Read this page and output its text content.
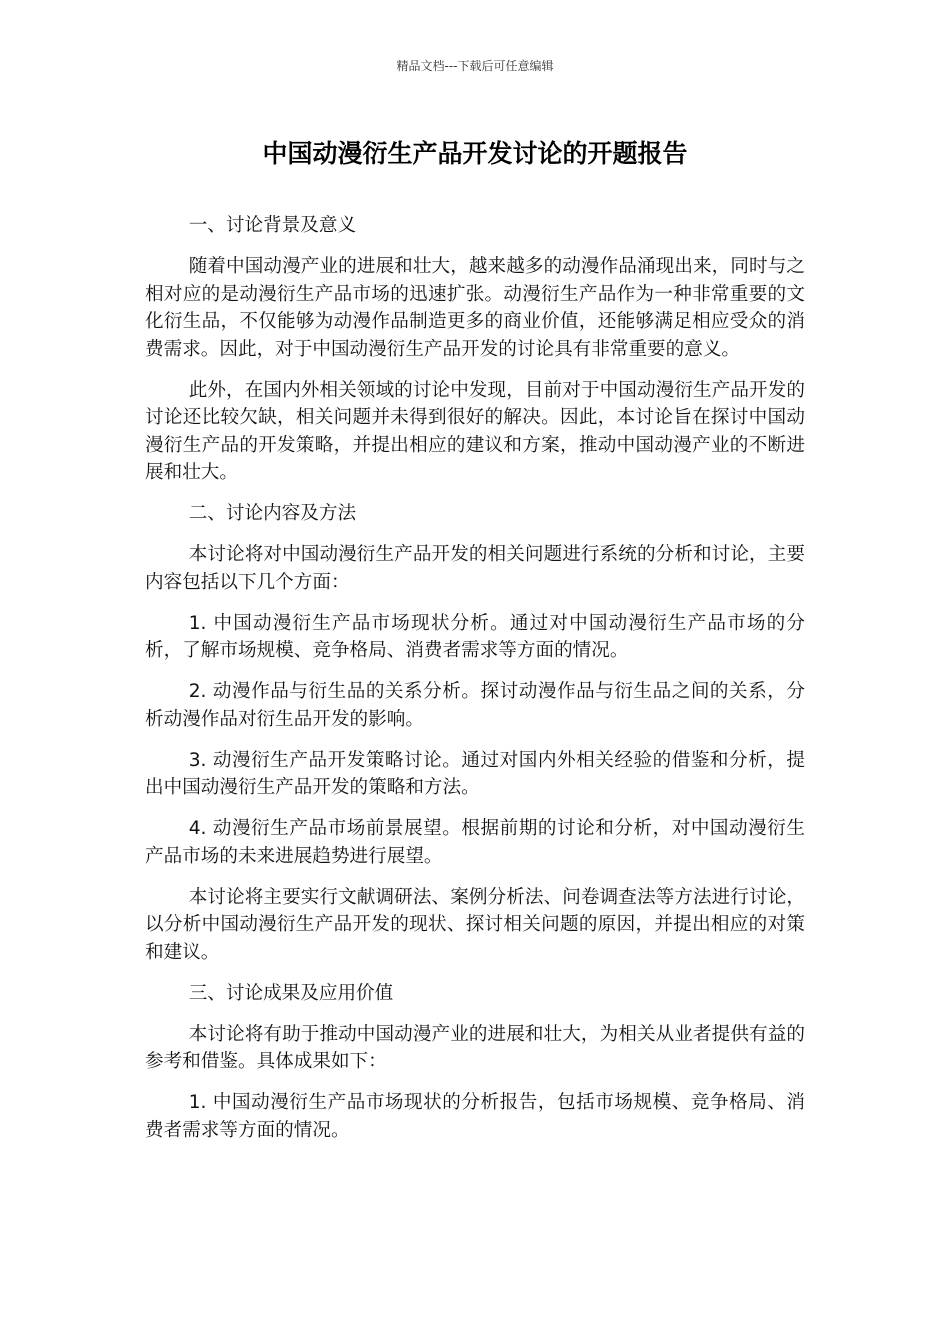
精品文档---下载后可任意编辑
中国动漫衍生产品开发讨论的开题报告

一、讨论背景及意义

随着中国动漫产业的进展和壮大，越来越多的动漫作品涌现出来，同时与之相对应的是动漫衍生产品市场的迅速扩张。动漫衍生产品作为一种非常重要的文化衍生品，不仅能够为动漫作品制造更多的商业价值，还能够满足相应受众的消费需求。因此，对于中国动漫衍生产品开发的讨论具有非常重要的意义。

此外，在国内外相关领域的讨论中发现，目前对于中国动漫衍生产品开发的讨论还比较欠缺，相关问题并未得到很好的解决。因此，本讨论旨在探讨中国动漫衍生产品的开发策略，并提出相应的建议和方案，推动中国动漫产业的不断进展和壮大。

二、讨论内容及方法

本讨论将对中国动漫衍生产品开发的相关问题进行系统的分析和讨论，主要内容包括以下几个方面：

1. 中国动漫衍生产品市场现状分析。通过对中国动漫衍生产品市场的分析，了解市场规模、竞争格局、消费者需求等方面的情况。

2. 动漫作品与衍生品的关系分析。探讨动漫作品与衍生品之间的关系，分析动漫作品对衍生品开发的影响。

3. 动漫衍生产品开发策略讨论。通过对国内外相关经验的借鉴和分析，提出中国动漫衍生产品开发的策略和方法。

4. 动漫衍生产品市场前景展望。根据前期的讨论和分析，对中国动漫衍生产品市场的未来进展趋势进行展望。

本讨论将主要实行文献调研法、案例分析法、问卷调查法等方法进行讨论，以分析中国动漫衍生产品开发的现状、探讨相关问题的原因，并提出相应的对策和建议。

三、讨论成果及应用价值

本讨论将有助于推动中国动漫产业的进展和壮大，为相关从业者提供有益的参考和借鉴。具体成果如下：

1. 中国动漫衍生产品市场现状的分析报告，包括市场规模、竞争格局、消费者需求等方面的情况。
